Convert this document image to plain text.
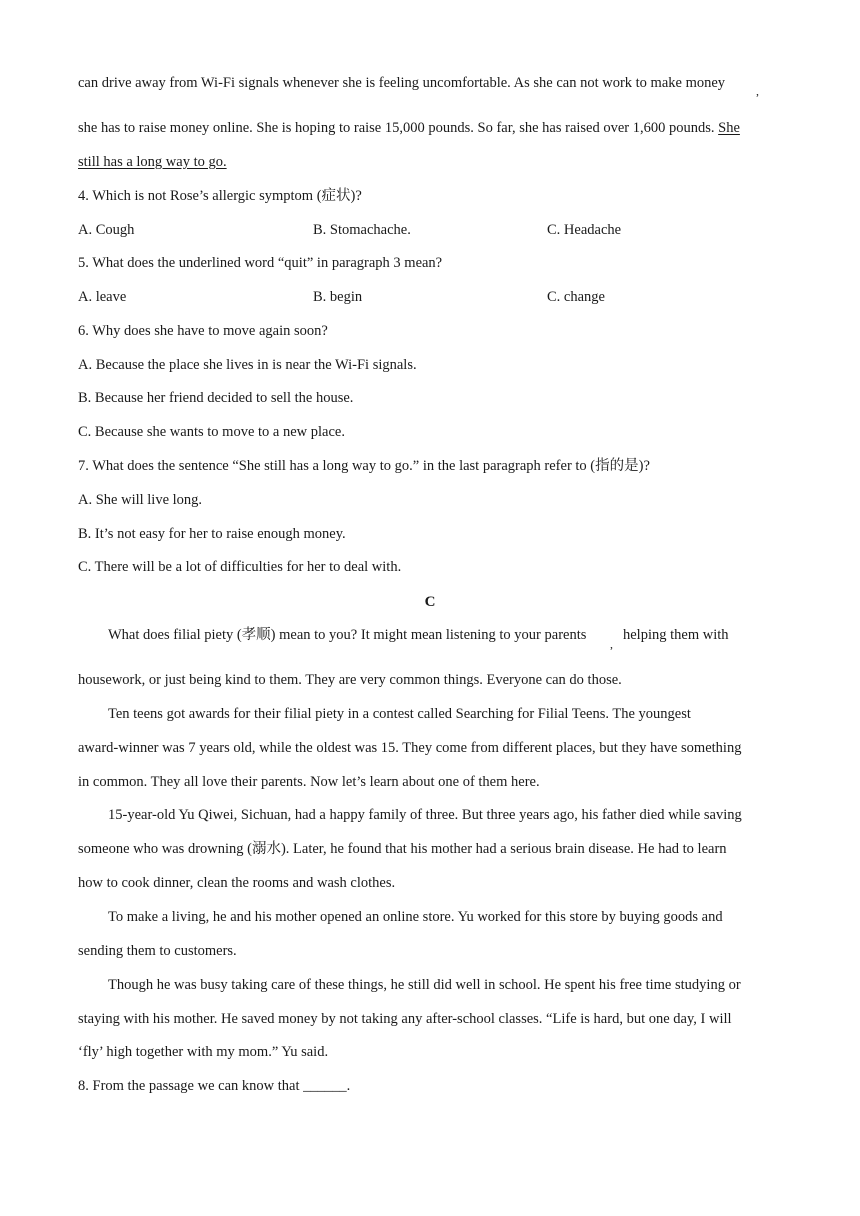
can drive away from Wi-Fi signals whenever she is feeling uncomfortable. As she can not work to make money	,
she has to raise money online. She is hoping to raise 15,000 pounds. So far, she has raised over 1,600 pounds. She
still has a long way to go.
4. Which is not Rose’s allergic symptom (症状)?
A. Cough	B. Stomachache.	C. Headache
5. What does the underlined word “quit” in paragraph 3 mean?
A. leave	B. begin	C. change
6. Why does she have to move again soon?
A. Because the place she lives in is near the Wi-Fi signals.
B. Because her friend decided to sell the house.
C. Because she wants to move to a new place.
7. What does the sentence “She still has a long way to go.” in the last paragraph refer to (指的是)?
A. She will live long.
B. It’s not easy for her to raise enough money.
C. There will be a lot of difficulties for her to deal with.
C
What does filial piety (孝顺) mean to you? It might mean listening to your parents
,
helping them with
housework, or just being kind to them. They are very common things. Everyone can do those.
Ten teens got awards for their filial piety in a contest called Searching for Filial Teens. The youngest
award-winner was 7 years old, while the oldest was 15. They come from different places, but they have something
in common. They all love their parents. Now let’s learn about one of them here.
15-year-old Yu Qiwei, Sichuan, had a happy family of three. But three years ago, his father died while saving
someone who was drowning (溺水). Later, he found that his mother had a serious brain disease. He had to learn
how to cook dinner, clean the rooms and wash clothes.
To make a living, he and his mother opened an online store. Yu worked for this store by buying goods and
sending them to customers.
Though he was busy taking care of these things, he still did well in school. He spent his free time studying or
staying with his mother. He saved money by not taking any after-school classes. “Life is hard, but one day, I will
‘fly’ high together with my mom.” Yu said.
8. From the passage we can know that ______.
